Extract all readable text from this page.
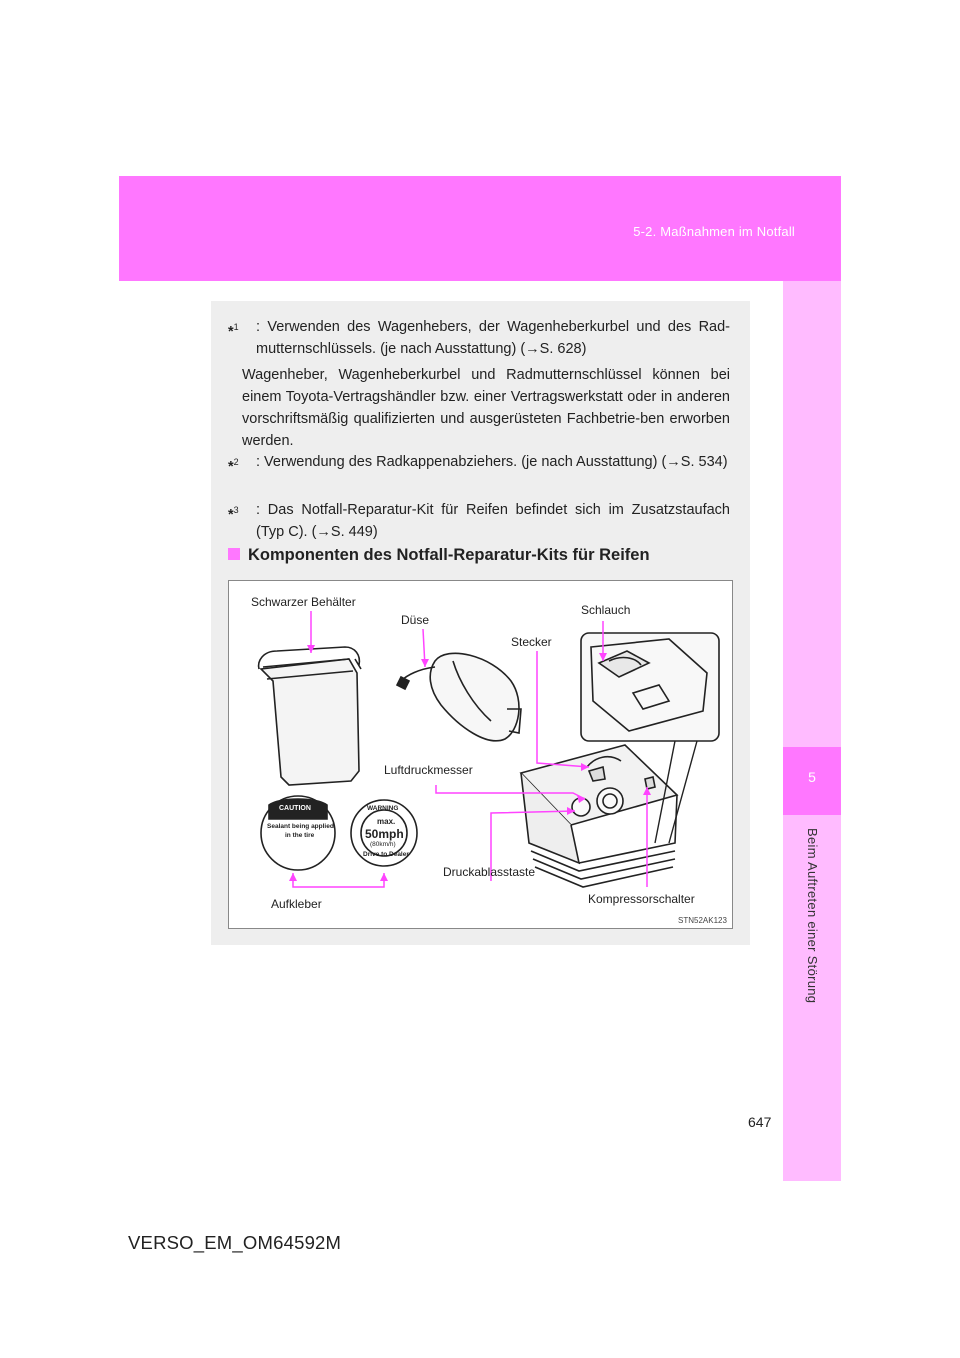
5-2. Maßnahmen im Notfall
5
Beim Auftreten einer Störung
*$^1$ : Verwenden des Wagenhebers, der Wagenheberkurbel und des Rad-mutternschlüssels. (je nach Ausstattung) (→S. 628)
Wagenheber, Wagenheberkurbel und Radmutternschlüssel können bei einem Toyota-Vertragshändler bzw. einer Vertragswerkstatt oder in anderen vorschriftsmäßig qualifizierten und ausgerüsteten Fachbetrie-ben erworben werden.
*$^2$ : Verwendung des Radkappenabziehers. (je nach Ausstattung) (→S. 534)
*$^3$ : Das Notfall-Reparatur-Kit für Reifen befindet sich im Zusatzstaufach (Typ C). (→S. 449)
Komponenten des Notfall-Reparatur-Kits für Reifen
CAUTION
Sealant being applied
in the tire
WARNING
max.
50mph
(80km/h)
Drive to Dealer
Schwarzer Behälter
Düse
Schlauch
Stecker
Luftdruckmesser
Druckablasstaste
Kompressorschalter
Aufkleber
STN52AK123
647
VERSO_EM_OM64592M
